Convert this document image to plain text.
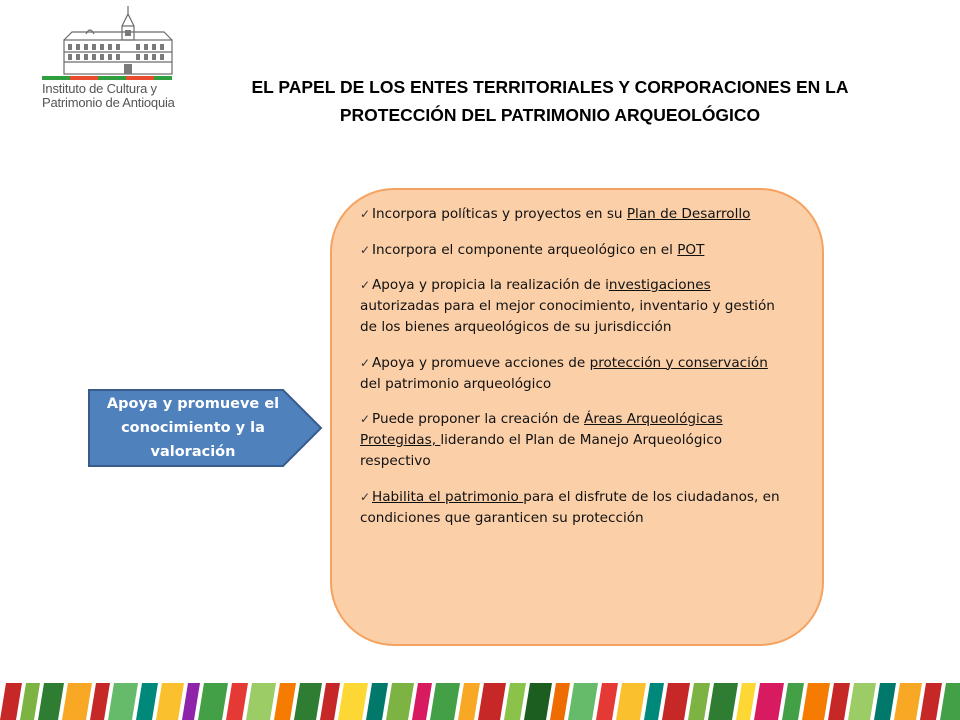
Instituto de Cultura y
Patrimonio de Antioquia
EL PAPEL DE LOS ENTES TERRITORIALES Y CORPORACIONES EN LA
PROTECCIÓN DEL PATRIMONIO ARQUEOLÓGICO
Apoya y promueve el conocimiento y la valoración
✓ Incorpora políticas y proyectos en su Plan de Desarrollo
✓ Incorpora el componente arqueológico en el POT
✓ Apoya y propicia la realización de investigaciones autorizadas para el mejor conocimiento, inventario y gestión de los bienes arqueológicos de su jurisdicción
✓ Apoya y promueve acciones de protección y conservación del patrimonio arqueológico
✓ Puede proponer la creación de Áreas Arqueológicas Protegidas, liderando el Plan de Manejo Arqueológico respectivo
✓ Habilita el patrimonio para el disfrute de los ciudadanos, en condiciones que garanticen su protección
